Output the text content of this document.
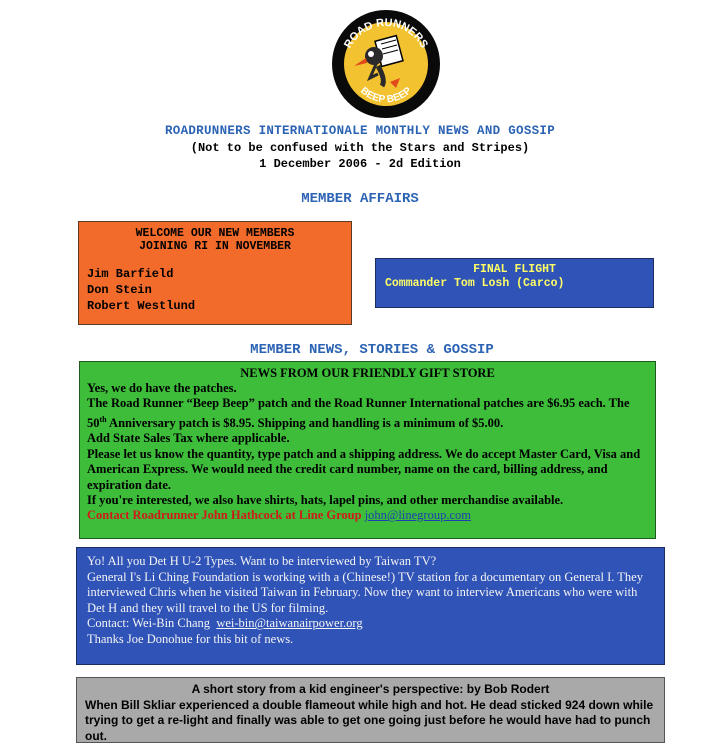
ROAD RUNNERS
BEEP BEEP
ROADRUNNERS INTERNATIONALE MONTHLY NEWS AND GOSSIP
(Not to be confused with the Stars and Stripes)
1 December 2006 - 2d Edition
MEMBER AFFAIRS
WELCOME OUR NEW MEMBERS
JOINING RI IN NOVEMBER
Jim Barfield
Don Stein
Robert Westlund
FINAL FLIGHT
Commander Tom Losh (Carco)
MEMBER NEWS, STORIES & GOSSIP
NEWS FROM OUR FRIENDLY GIFT STORE

Yes, we do have the patches.

The Road Runner “Beep Beep” patch and the Road Runner International patches are $6.95 each. The 50th Anniversary patch is $8.95. Shipping and handling is a minimum of $5.00.

Add State Sales Tax where applicable.

Please let us know the quantity, type patch and a shipping address. We do accept Master Card, Visa and American Express. We would need the credit card number, name on the card, billing address, and expiration date.

If you're interested, we also have shirts, hats, lapel pins, and other merchandise available.

Contact Roadrunner John Hathcock at Line Group john@linegroup.com

Yo! All you Det H U-2 Types. Want to be interviewed by Taiwan TV?

General I's Li Ching Foundation is working with a (Chinese!) TV station for a documentary on General I. They interviewed Chris when he visited Taiwan in February. Now they want to interview Americans who were with Det H and they will travel to the US for filming.

Contact: Wei-Bin Chang wei-bin@taiwanairpower.org

Thanks Joe Donohue for this bit of news.

A short story from a kid engineer's perspective: by Bob Rodert

When Bill Skliar experienced a double flameout while high and hot. He dead sticked 924 down while trying to get a re-light and finally was able to get one going just before he would have had to punch out.
